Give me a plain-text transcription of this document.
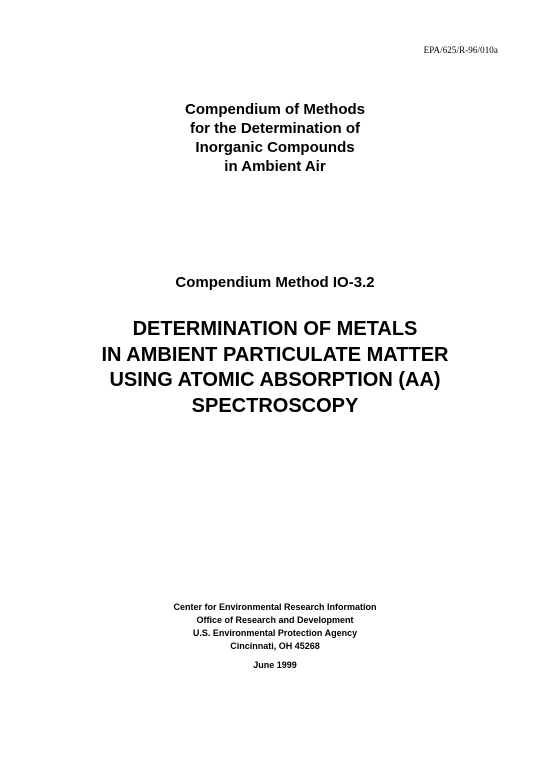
EPA/625/R-96/010a
Compendium of Methods
for the Determination of
Inorganic Compounds
in Ambient Air
Compendium Method IO-3.2
DETERMINATION OF METALS
IN AMBIENT PARTICULATE MATTER
USING ATOMIC ABSORPTION (AA)
SPECTROSCOPY
Center for Environmental Research Information
Office of Research and Development
U.S. Environmental Protection Agency
Cincinnati, OH 45268
June 1999
